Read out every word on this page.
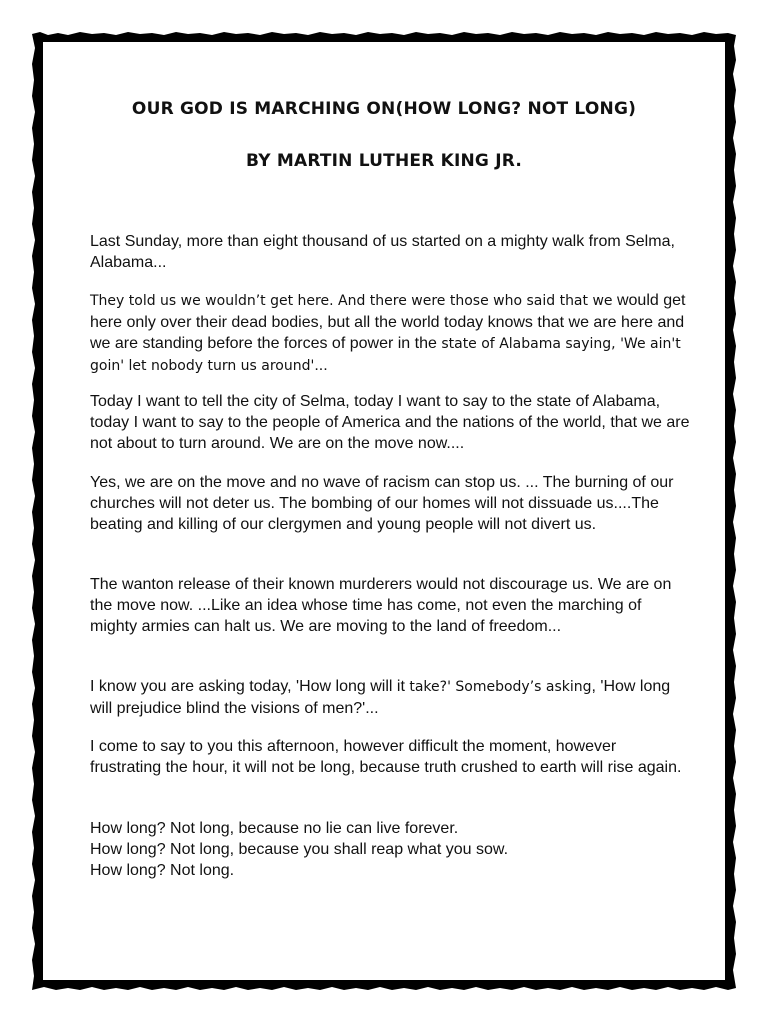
OUR GOD IS MARCHING ON(HOW LONG? NOT LONG)
BY MARTIN LUTHER KING JR.

Last Sunday, more than eight thousand of us started on a mighty walk from Selma, Alabama...

They told us we wouldn’t get here. And there were those who said that we would get here only over their dead bodies, but all the world today knows that we are here and we are standing before the forces of power in the state of Alabama saying, 'We ain't goin' let nobody turn us around'...

Today I want to tell the city of Selma, today I want to say to the state of Alabama, today I want to say to the people of America and the nations of the world, that we are not about to turn around. We are on the move now....

Yes, we are on the move and no wave of racism can stop us. ... The burning of our churches will not deter us. The bombing of our homes will not dissuade us....The beating and killing of our clergymen and young people will not divert us.

The wanton release of their known murderers would not discourage us. We are on the move now. ...Like an idea whose time has come, not even the marching of mighty armies can halt us. We are moving to the land of freedom...

I know you are asking today, 'How long will it take?' Somebody’s asking, 'How long will prejudice blind the visions of men?'...

I come to say to you this afternoon, however difficult the moment, however frustrating the hour, it will not be long, because truth crushed to earth will rise again.

How long? Not long, because no lie can live forever.
How long? Not long, because you shall reap what you sow.
How long? Not long.
